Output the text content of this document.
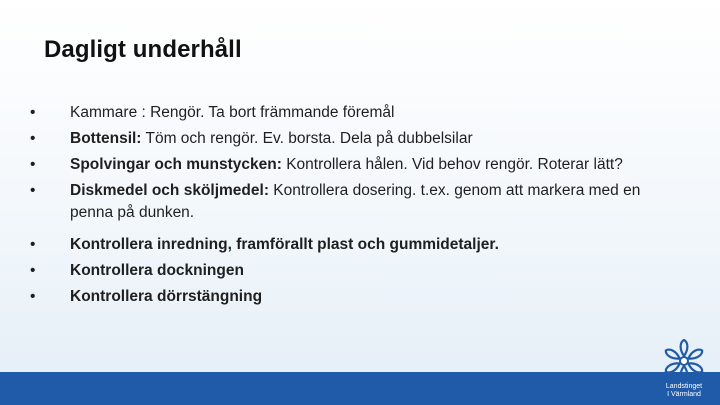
Dagligt underhåll
• Kammare : Rengör. Ta bort främmande föremål
• Bottensil: Töm och rengör. Ev. borsta. Dela på dubbelsilar
• Spolvingar och munstycken: Kontrollera hålen. Vid behov rengör. Roterar lätt?
• Diskmedel och sköljmedel: Kontrollera dosering. t.ex. genom att markera med en penna på dunken.
• Kontrollera inredning, framförallt plast och gummidetaljer.
• Kontrollera dockningen
• Kontrollera dörrstängning
Landstinget
I Värmland
